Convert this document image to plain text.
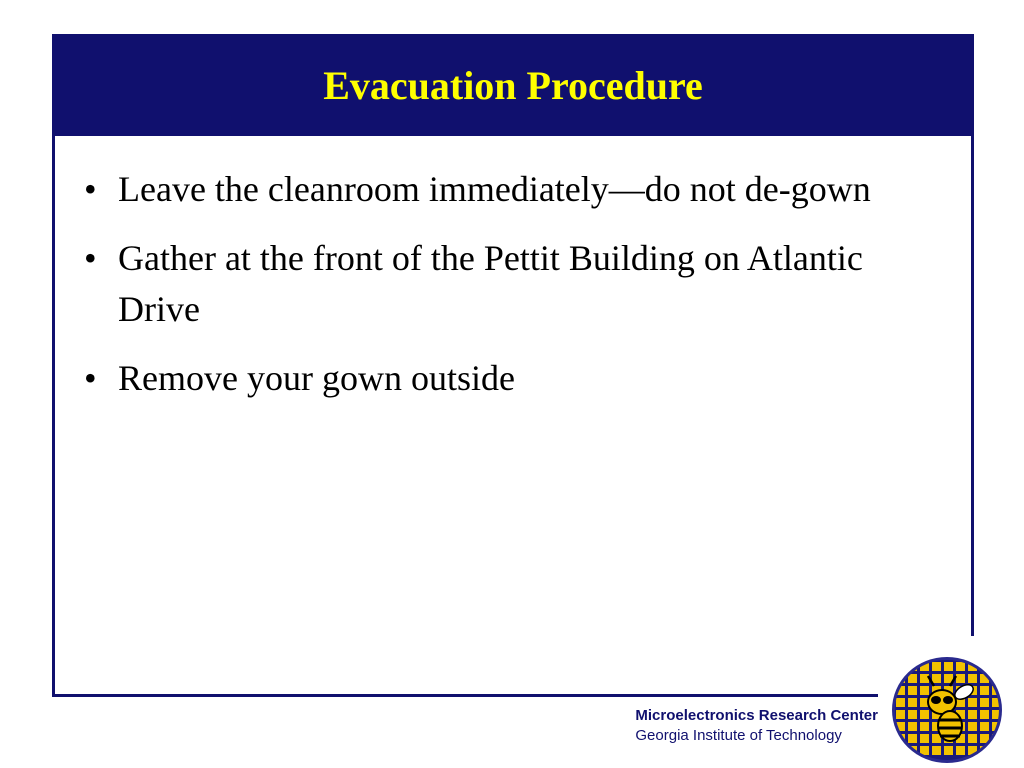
Evacuation Procedure
• Leave the cleanroom immediately—do not de-gown
• Gather at the front of the Pettit Building on Atlantic Drive
• Remove your gown outside
Microelectronics Research Center
Georgia Institute of Technology
